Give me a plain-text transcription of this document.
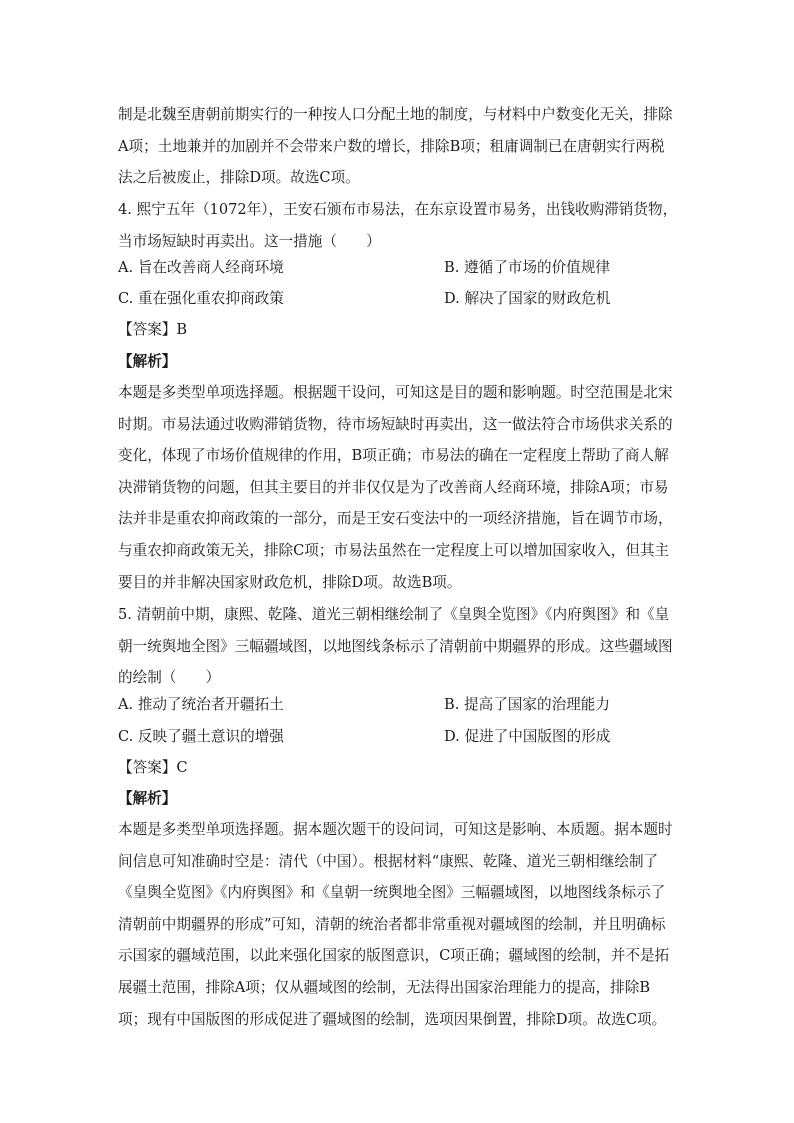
制是北魏至唐朝前期实行的一种按人口分配土地的制度，与材料中户数变化无关，排除A项；土地兼并的加剧并不会带来户数的增长，排除B项；租庸调制已在唐朝实行两税法之后被废止，排除D项。故选C项。

4. 熙宁五年（1072年），王安石颁布市易法，在东京设置市易务，出钱收购滞销货物，当市场短缺时再卖出。这一措施（　　）

A. 旨在改善商人经商环境	B. 遵循了市场的价值规律

C. 重在强化重农抑商政策	D. 解决了国家的财政危机

【答案】B

【解析】

本题是多类型单项选择题。根据题干设问，可知这是目的题和影响题。时空范围是北宋时期。市易法通过收购滞销货物，待市场短缺时再卖出，这一做法符合市场供求关系的变化，体现了市场价值规律的作用，B项正确；市易法的确在一定程度上帮助了商人解决滞销货物的问题，但其主要目的并非仅仅是为了改善商人经商环境，排除A项；市易法并非是重农抑商政策的一部分，而是王安石变法中的一项经济措施，旨在调节市场，与重农抑商政策无关，排除C项；市易法虽然在一定程度上可以增加国家收入，但其主要目的并非解决国家财政危机，排除D项。故选B项。

5. 清朝前中期，康熙、乾隆、道光三朝相继绘制了《皇舆全览图》《内府舆图》和《皇朝一统舆地全图》三幅疆域图，以地图线条标示了清朝前中期疆界的形成。这些疆域图的绘制（　　）

A. 推动了统治者开疆拓土	B. 提高了国家的治理能力

C. 反映了疆土意识的增强	D. 促进了中国版图的形成

【答案】C

【解析】

本题是多类型单项选择题。据本题次题干的设问词，可知这是影响、本质题。据本题时间信息可知准确时空是：清代（中国）。根据材料“康熙、乾隆、道光三朝相继绘制了《皇舆全览图》《内府舆图》和《皇朝一统舆地全图》三幅疆域图，以地图线条标示了清朝前中期疆界的形成”可知，清朝的统治者都非常重视对疆域图的绘制，并且明确标示国家的疆域范围，以此来强化国家的版图意识，C项正确；疆域图的绘制，并不是拓展疆土范围，排除A项；仅从疆域图的绘制，无法得出国家治理能力的提高，排除B项；现有中国版图的形成促进了疆域图的绘制，选项因果倒置，排除D项。故选C项。
